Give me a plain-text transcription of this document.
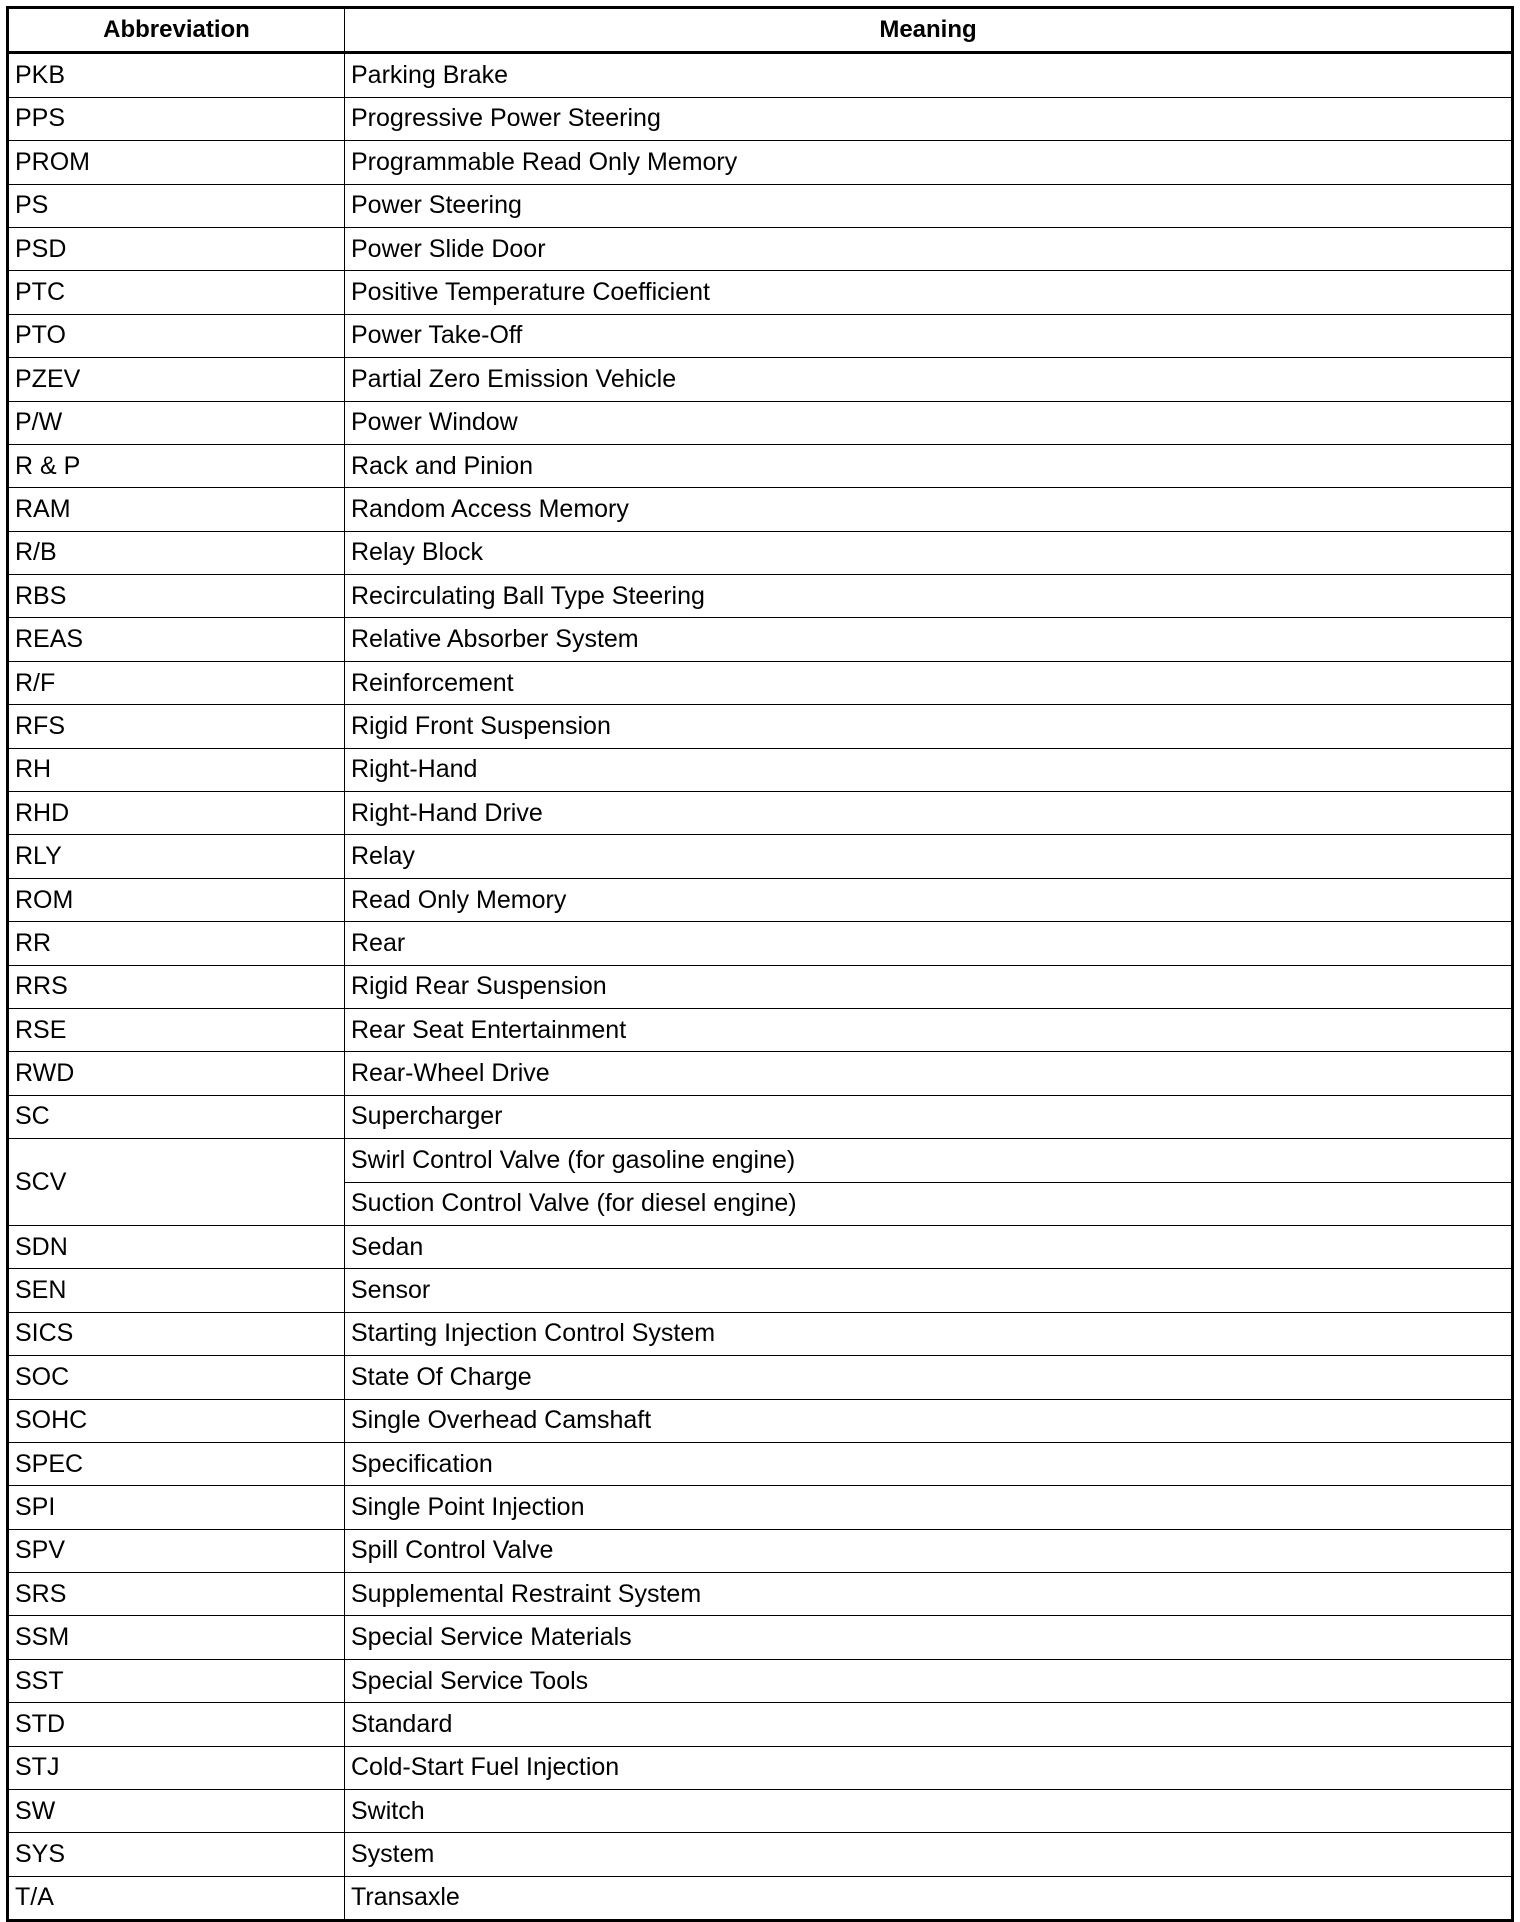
Abbreviation	Meaning
PKB	Parking Brake
PPS	Progressive Power Steering
PROM	Programmable Read Only Memory
PS	Power Steering
PSD	Power Slide Door
PTC	Positive Temperature Coefficient
PTO	Power Take-Off
PZEV	Partial Zero Emission Vehicle
P/W	Power Window
R & P	Rack and Pinion
RAM	Random Access Memory
R/B	Relay Block
RBS	Recirculating Ball Type Steering
REAS	Relative Absorber System
R/F	Reinforcement
RFS	Rigid Front Suspension
RH	Right-Hand
RHD	Right-Hand Drive
RLY	Relay
ROM	Read Only Memory
RR	Rear
RRS	Rigid Rear Suspension
RSE	Rear Seat Entertainment
RWD	Rear-Wheel Drive
SC	Supercharger
SCV	Swirl Control Valve (for gasoline engine)
	Suction Control Valve (for diesel engine)
SDN	Sedan
SEN	Sensor
SICS	Starting Injection Control System
SOC	State Of Charge
SOHC	Single Overhead Camshaft
SPEC	Specification
SPI	Single Point Injection
SPV	Spill Control Valve
SRS	Supplemental Restraint System
SSM	Special Service Materials
SST	Special Service Tools
STD	Standard
STJ	Cold-Start Fuel Injection
SW	Switch
SYS	System
T/A	Transaxle
